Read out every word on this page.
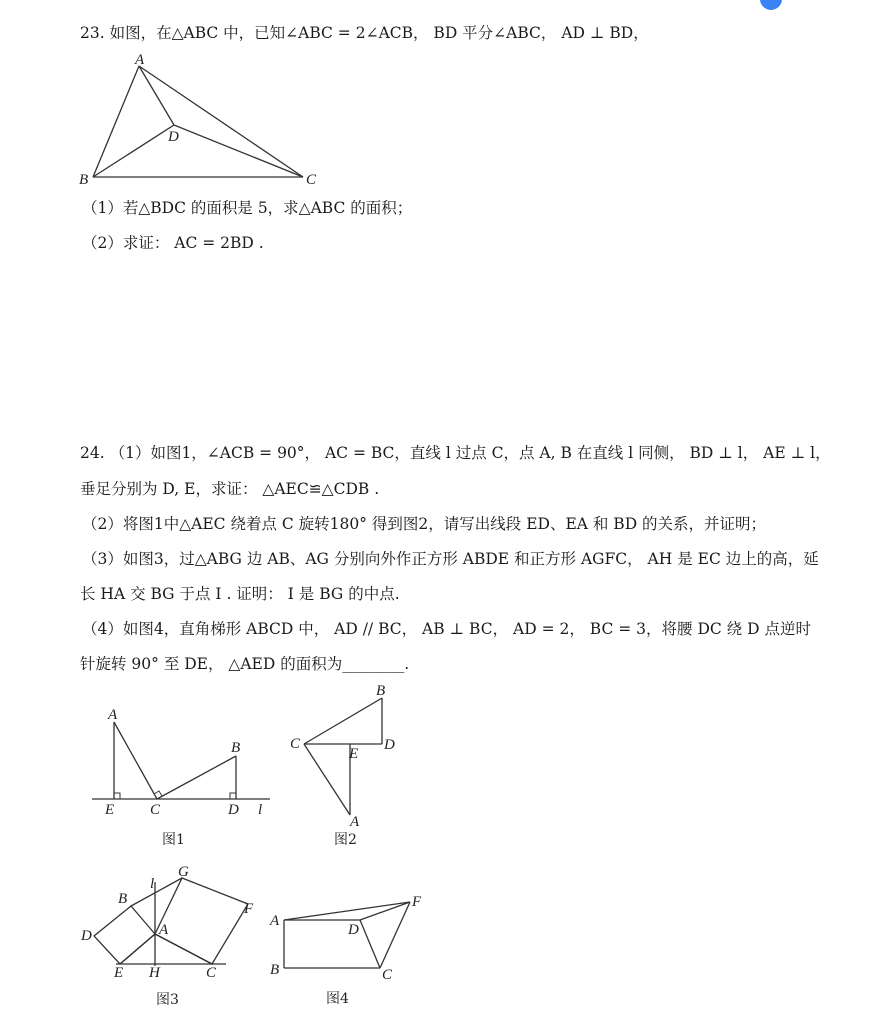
23. 如图，在△ABC 中，已知∠ABC = 2∠ACB， BD 平分∠ABC， AD ⊥ BD，
A
B	C
D
（1）若△BDC 的面积是 5，求△ABC 的面积；
（2）求证： AC = 2BD .
24. （1）如图1，∠ACB = 90°， AC = BC，直线 l 过点 C，点 A, B 在直线 l 同侧， BD ⊥ l， AE ⊥ l，
垂足分别为 D, E，求证： △AEC≌△CDB .
（2）将图1中△AEC 绕着点 C 旋转180° 得到图2，请写出线段 ED、EA 和 BD 的关系，并证明；
（3）如图3，过△ABG 边 AB、AG 分别向外作正方形 ABDE 和正方形 AGFC， AH 是 EC 边上的高，延
长 HA 交 BG 于点 I . 证明： I 是 BG 的中点.
（4）如图4，直角梯形 ABCD 中， AD // BC， AB ⊥ BC， AD = 2， BC = 3，将腰 DC 绕 D 点逆时
针旋转 90° 至 DE， △AED 的面积为________.
A
B
C	D
E	l
图1
B
C	D
E
A
图2
G
l
B
F
A
D
E H	C
图3
A
F
D
B	C
图4
